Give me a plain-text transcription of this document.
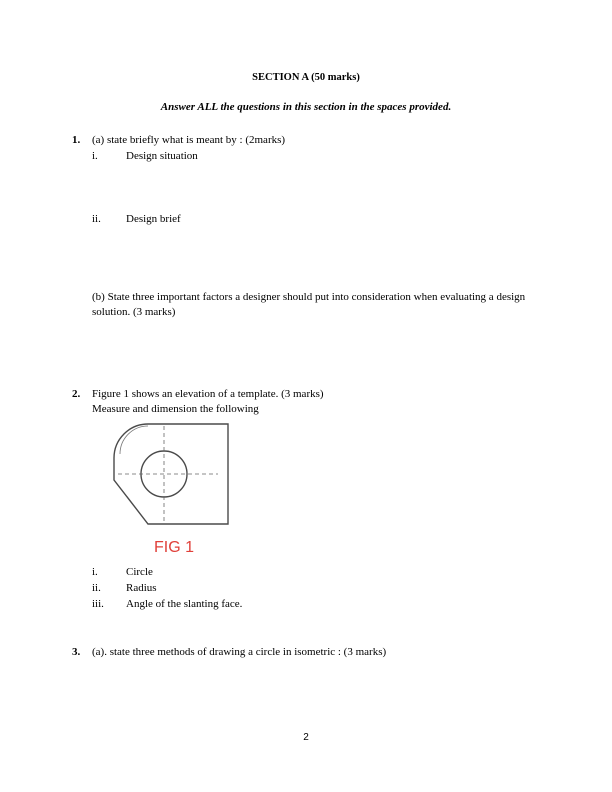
SECTION A (50 marks)
Answer ALL the questions in this section in the spaces provided.
1. (a) state briefly what is meant by : (2marks)
i.	Design situation
ii. Design brief
(b) State three important factors a designer should put into consideration when evaluating a design solution. (3 marks)
2. Figure 1 shows an elevation of a template. (3 marks)
Measure and dimension the following
FIG 1
i.	Circle
ii. Radius
iii. Angle of the slanting face.
3. (a). state three methods of drawing a circle in isometric : (3 marks)
2
